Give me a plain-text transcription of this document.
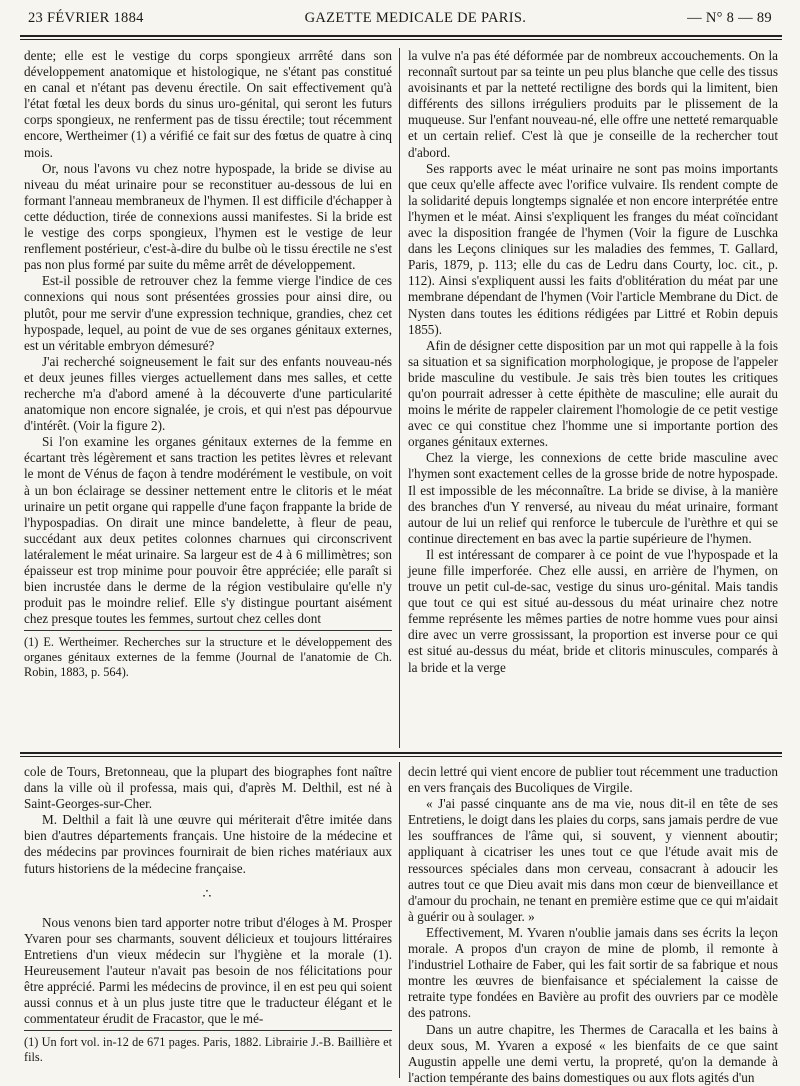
23 FÉVRIER 1884	GAZETTE MEDICALE DE PARIS.	— N° 8 — 89

dente; elle est le vestige du corps spongieux arrrêté dans son développement anatomique et histologique, ne s'étant pas constitué en canal et n'étant pas devenu érectile. On sait effectivement qu'à l'état fœtal les deux bords du sinus uro-génital, qui seront les futurs corps spongieux, ne renferment pas de tissu érectile; tout récemment encore, Wertheimer (1) a vérifié ce fait sur des fœtus de quatre à cinq mois.

Or, nous l'avons vu chez notre hypospade, la bride se divise au niveau du méat urinaire pour se reconstituer au-dessous de lui en formant l'anneau membraneux de l'hymen. Il est difficile d'échapper à cette déduction, tirée de connexions aussi manifestes. Si la bride est le vestige des corps spongieux, l'hymen est le vestige de leur renflement postérieur, c'est-à-dire du bulbe où le tissu érectile ne s'est pas non plus formé par suite du même arrêt de développement.

Est-il possible de retrouver chez la femme vierge l'indice de ces connexions qui nous sont présentées grossies pour ainsi dire, ou plutôt, pour me servir d'une expression technique, grandies, chez cet hypospade, lequel, au point de vue de ses organes génitaux externes, est un véritable embryon démesuré?

J'ai recherché soigneusement le fait sur des enfants nouveau-nés et deux jeunes filles vierges actuellement dans mes salles, et cette recherche m'a d'abord amené à la découverte d'une particularité anatomique non encore signalée, je crois, et qui n'est pas dépourvue d'intérêt. (Voir la figure 2).

Si l'on examine les organes génitaux externes de la femme en écartant très légèrement et sans traction les petites lèvres et relevant le mont de Vénus de façon à tendre modérément le vestibule, on voit à un bon éclairage se dessiner nettement entre le clitoris et le méat urinaire un petit organe qui rappelle d'une façon frappante la bride de l'hypospadias. On dirait une mince bandelette, à fleur de peau, succédant aux deux petites colonnes charnues qui circonscrivent latéralement le méat urinaire. Sa largeur est de 4 à 6 millimètres; son épaisseur est trop minime pour pouvoir être appréciée; elle paraît si bien incrustée dans le derme de la région vestibulaire qu'elle n'y produit pas le moindre relief. Elle s'y distingue pourtant aisément chez presque toutes les femmes, surtout chez celles dont

(1) E. Wertheimer. Recherches sur la structure et le développement des organes génitaux externes de la femme (Journal de l'anatomie de Ch. Robin, 1883, p. 564).

la vulve n'a pas été déformée par de nombreux accouchements. On la reconnaît surtout par sa teinte un peu plus blanche que celle des tissus avoisinants et par la netteté rectiligne des bords qui la limitent, bien différents des sillons irréguliers produits par le plissement de la muqueuse. Sur l'enfant nouveau-né, elle offre une netteté remarquable et un certain relief. C'est là que je conseille de la rechercher tout d'abord.

Ses rapports avec le méat urinaire ne sont pas moins importants que ceux qu'elle affecte avec l'orifice vulvaire. Ils rendent compte de la solidarité depuis longtemps signalée et non encore interprétée entre l'hymen et le méat. Ainsi s'expliquent les franges du méat coïncidant avec la disposition frangée de l'hymen (Voir la figure de Luschka dans les Leçons cliniques sur les maladies des femmes, T. Gallard, Paris, 1879, p. 113; elle du cas de Ledru dans Courty, loc. cit., p. 112). Ainsi s'expliquent aussi les faits d'oblitération du méat par une membrane dépendant de l'hymen (Voir l'article Membrane du Dict. de Nysten dans toutes les éditions rédigées par Littré et Robin depuis 1855).

Afin de désigner cette disposition par un mot qui rappelle à la fois sa situation et sa signification morphologique, je propose de l'appeler bride masculine du vestibule. Je sais très bien toutes les critiques qu'on pourrait adresser à cette épithète de masculine; elle aurait du moins le mérite de rappeler clairement l'homologie de ce petit vestige avec ce qui constitue chez l'homme une si importante portion des organes génitaux externes.

Chez la vierge, les connexions de cette bride masculine avec l'hymen sont exactement celles de la grosse bride de notre hypospade. Il est impossible de les méconnaître. La bride se divise, à la manière des branches d'un Y renversé, au niveau du méat urinaire, formant autour de lui un relief qui renforce le tubercule de l'urèthre et qui se continue directement en bas avec la partie supérieure de l'hymen.

Il est intéressant de comparer à ce point de vue l'hypospade et la jeune fille imperforée. Chez elle aussi, en arrière de l'hymen, on trouve un petit cul-de-sac, vestige du sinus uro-génital. Mais tandis que tout ce qui est situé au-dessous du méat urinaire chez notre femme représente les mêmes parties de notre homme vues pour ainsi dire avec un verre grossissant, la proportion est inverse pour ce qui est situé au-dessus du méat, bride et clitoris minuscules, comparés à la bride et la verge

cole de Tours, Bretonneau, que la plupart des biographes font naître dans la ville où il professa, mais qui, d'après M. Delthil, est né à Saint-Georges-sur-Cher.

M. Delthil a fait là une œuvre qui mériterait d'être imitée dans bien d'autres départements français. Une histoire de la médecine et des médecins par provinces fournirait de bien riches matériaux aux futurs historiens de la médecine française.

∴

Nous venons bien tard apporter notre tribut d'éloges à M. Prosper Yvaren pour ses charmants, souvent délicieux et toujours littéraires Entretiens d'un vieux médecin sur l'hygiène et la morale (1). Heureusement l'auteur n'avait pas besoin de nos félicitations pour être apprécié. Parmi les médecins de province, il en est peu qui soient aussi connus et à un plus juste titre que le traducteur élégant et le commentateur érudit de Fracastor, que le mé-

(1) Un fort vol. in-12 de 671 pages. Paris, 1882. Librairie J.-B. Baillière et fils.

decin lettré qui vient encore de publier tout récemment une traduction en vers français des Bucoliques de Virgile.

« J'ai passé cinquante ans de ma vie, nous dit-il en tête de ses Entretiens, le doigt dans les plaies du corps, sans jamais perdre de vue les souffrances de l'âme qui, si souvent, y viennent aboutir; appliquant à cicatriser les unes tout ce que l'étude avait mis de ressources spéciales dans mon cerveau, consacrant à adoucir les autres tout ce que Dieu avait mis dans mon cœur de bienveillance et d'amour du prochain, ne tenant en première estime que ce qui m'aidait à guérir ou à soulager. »

Effectivement, M. Yvaren n'oublie jamais dans ses écrits la leçon morale. A propos d'un crayon de mine de plomb, il remonte à l'industriel Lothaire de Faber, qui les fait sortir de sa fabrique et nous montre les œuvres de bienfaisance et spécialement la caisse de retraite type fondées en Bavière au profit des ouvriers par ce modèle des patrons.

Dans un autre chapitre, les Thermes de Caracalla et les bains à deux sous, M. Yvaren a exposé « les bienfaits de ce que saint Augustin appelle une demi vertu, la propreté, qu'on la demande à l'action tempérante des bains domestiques ou aux flots agités d'un
